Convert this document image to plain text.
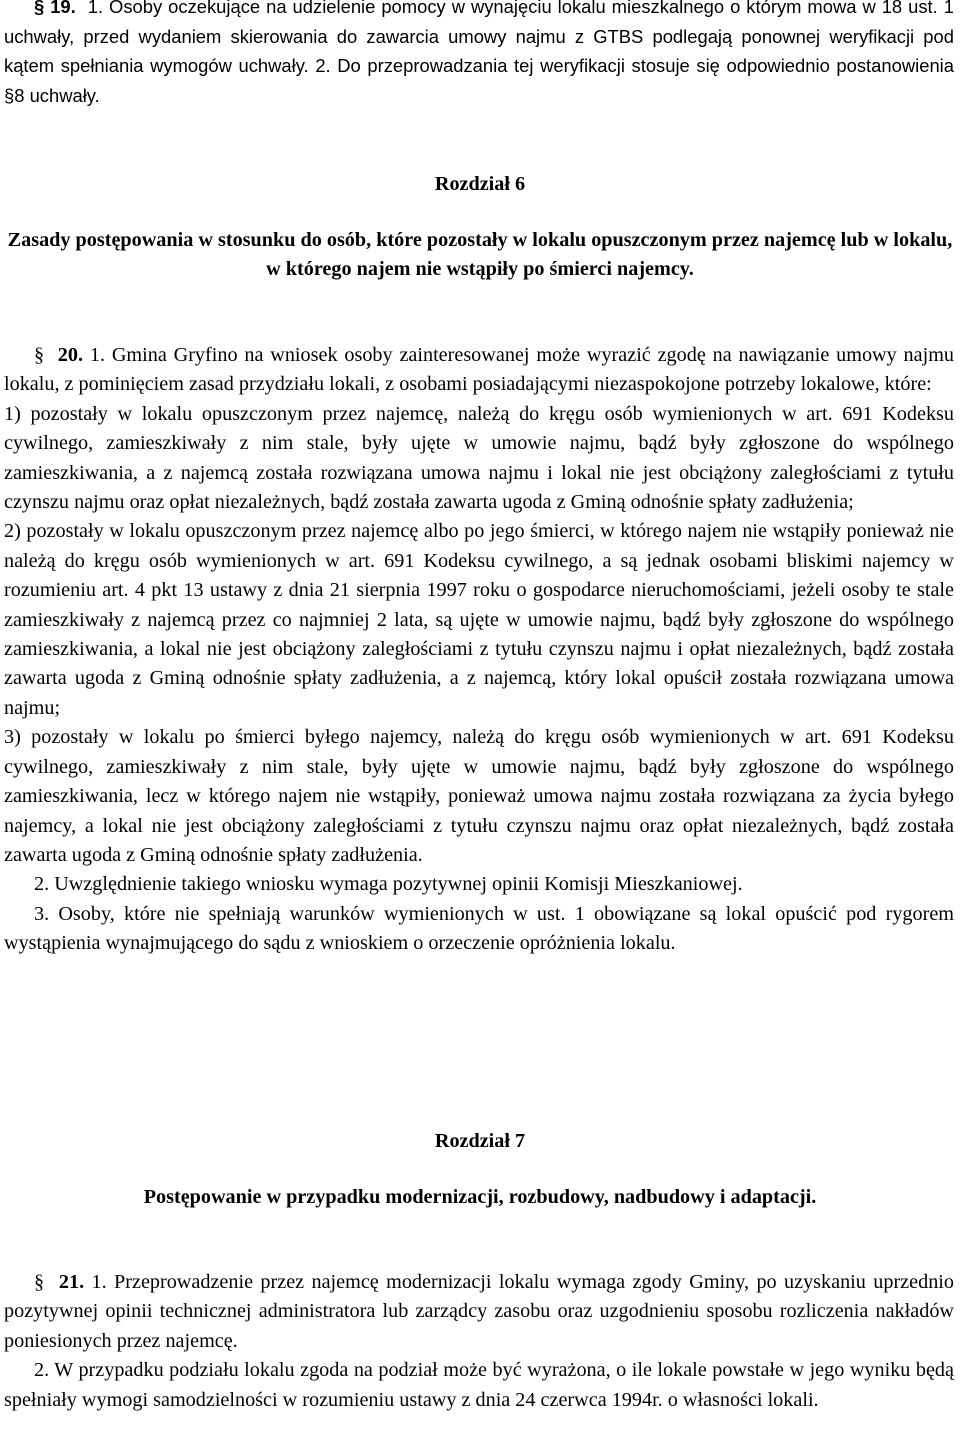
§ 19. 1. Osoby oczekujące na udzielenie pomocy w wynajęciu lokalu mieszkalnego o którym mowa w 18 ust. 1 uchwały, przed wydaniem skierowania do zawarcia umowy najmu z GTBS podlegają ponownej weryfikacji pod kątem spełniania wymogów uchwały. 2. Do przeprowadzania tej weryfikacji stosuje się odpowiednio postanowienia §8 uchwały.

Rozdział 6
Zasady postępowania w stosunku do osób, które pozostały w lokalu opuszczonym przez najemcę lub w lokalu, w którego najem nie wstąpiły po śmierci najemcy.

§ 20. 1. Gmina Gryfino na wniosek osoby zainteresowanej może wyrazić zgodę na nawiązanie umowy najmu lokalu, z pominięciem zasad przydziału lokali, z osobami posiadającymi niezaspokojone potrzeby lokalowe, które:

1) pozostały w lokalu opuszczonym przez najemcę, należą do kręgu osób wymienionych w art. 691 Kodeksu cywilnego, zamieszkiwały z nim stale, były ujęte w umowie najmu, bądź były zgłoszone do wspólnego zamieszkiwania, a z najemcą została rozwiązana umowa najmu i lokal nie jest obciążony zaległościami z tytułu czynszu najmu oraz opłat niezależnych, bądź została zawarta ugoda z Gminą odnośnie spłaty zadłużenia;

2) pozostały w lokalu opuszczonym przez najemcę albo po jego śmierci, w którego najem nie wstąpiły ponieważ nie należą do kręgu osób wymienionych w art. 691 Kodeksu cywilnego, a są jednak osobami bliskimi najemcy w rozumieniu art. 4 pkt 13 ustawy z dnia 21 sierpnia 1997 roku o gospodarce nieruchomościami, jeżeli osoby te stale zamieszkiwały z najemcą przez co najmniej 2 lata, są ujęte w umowie najmu, bądź były zgłoszone do wspólnego zamieszkiwania, a lokal nie jest obciążony zaległościami z tytułu czynszu najmu i opłat niezależnych, bądź została zawarta ugoda z Gminą odnośnie spłaty zadłużenia, a z najemcą, który lokal opuścił została rozwiązana umowa najmu;

3) pozostały w lokalu po śmierci byłego najemcy, należą do kręgu osób wymienionych w art. 691 Kodeksu cywilnego, zamieszkiwały z nim stale, były ujęte w umowie najmu, bądź były zgłoszone do wspólnego zamieszkiwania, lecz w którego najem nie wstąpiły, ponieważ umowa najmu została rozwiązana za życia byłego najemcy, a lokal nie jest obciążony zaległościami z tytułu czynszu najmu oraz opłat niezależnych, bądź została zawarta ugoda z Gminą odnośnie spłaty zadłużenia.

2. Uwzględnienie takiego wniosku wymaga pozytywnej opinii Komisji Mieszkaniowej.

3. Osoby, które nie spełniają warunków wymienionych w ust. 1 obowiązane są lokal opuścić pod rygorem wystąpienia wynajmującego do sądu z wnioskiem o orzeczenie opróżnienia lokalu.

Rozdział 7
Postępowanie w przypadku modernizacji, rozbudowy, nadbudowy i adaptacji.

§ 21. 1. Przeprowadzenie przez najemcę modernizacji lokalu wymaga zgody Gminy, po uzyskaniu uprzednio pozytywnej opinii technicznej administratora lub zarządcy zasobu oraz uzgodnieniu sposobu rozliczenia nakładów poniesionych przez najemcę.

2. W przypadku podziału lokalu zgoda na podział może być wyrażona, o ile lokale powstałe w jego wyniku będą spełniały wymogi samodzielności w rozumieniu ustawy z dnia 24 czerwca 1994r. o własności lokali.
